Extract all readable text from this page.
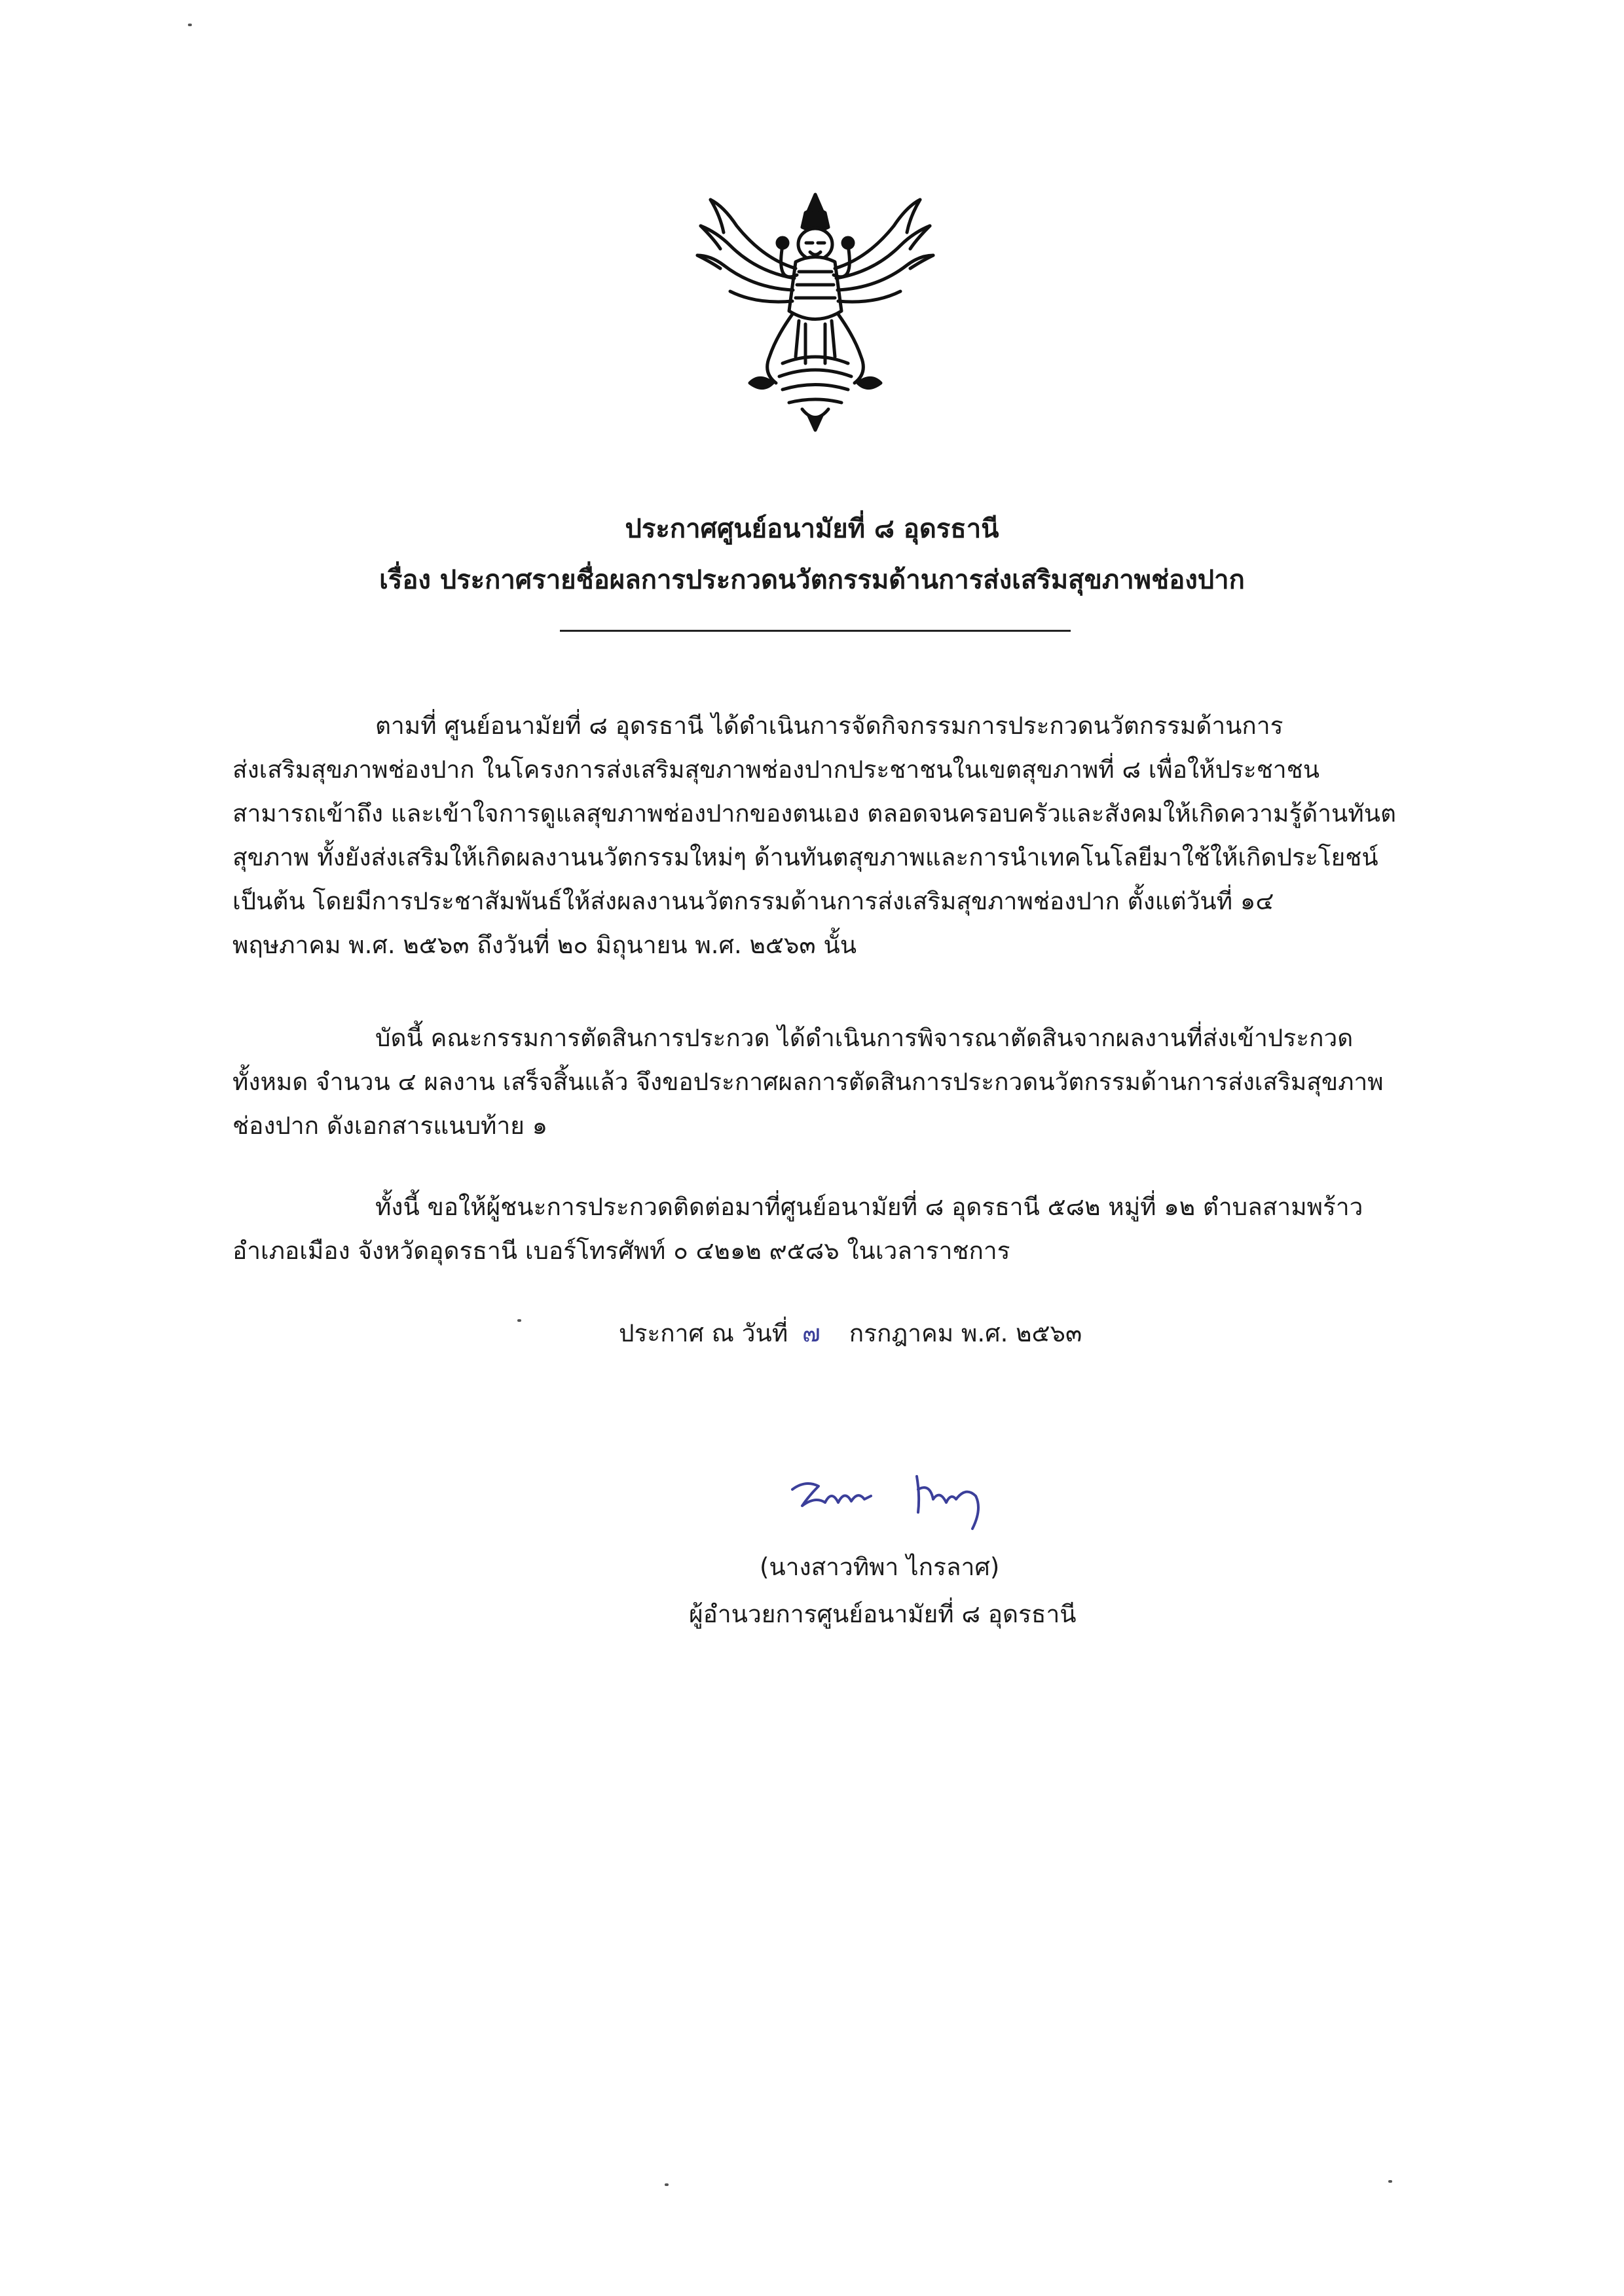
ประกาศศูนย์อนามัยที่ ๘ อุดรธานี
เรื่อง ประกาศรายชื่อผลการประกวดนวัตกรรมด้านการส่งเสริมสุขภาพช่องปาก
ตามที่ ศูนย์อนามัยที่ ๘ อุดรธานี ได้ดำเนินการจัดกิจกรรมการประกวดนวัตกรรมด้านการ
ส่งเสริมสุขภาพช่องปาก ในโครงการส่งเสริมสุขภาพช่องปากประชาชนในเขตสุขภาพที่ ๘ เพื่อให้ประชาชน
สามารถเข้าถึง และเข้าใจการดูแลสุขภาพช่องปากของตนเอง ตลอดจนครอบครัวและสังคมให้เกิดความรู้ด้านทันต
สุขภาพ ทั้งยังส่งเสริมให้เกิดผลงานนวัตกรรมใหม่ๆ ด้านทันตสุขภาพและการนำเทคโนโลยีมาใช้ให้เกิดประโยชน์
เป็นต้น โดยมีการประชาสัมพันธ์ให้ส่งผลงานนวัตกรรมด้านการส่งเสริมสุขภาพช่องปาก ตั้งแต่วันที่ ๑๔
พฤษภาคม พ.ศ. ๒๕๖๓ ถึงวันที่ ๒๐ มิถุนายน พ.ศ. ๒๕๖๓ นั้น
บัดนี้ คณะกรรมการตัดสินการประกวด ได้ดำเนินการพิจารณาตัดสินจากผลงานที่ส่งเข้าประกวด
ทั้งหมด จำนวน ๔ ผลงาน เสร็จสิ้นแล้ว จึงขอประกาศผลการตัดสินการประกวดนวัตกรรมด้านการส่งเสริมสุขภาพ
ช่องปาก ดังเอกสารแนบท้าย ๑
ทั้งนี้ ขอให้ผู้ชนะการประกวดติดต่อมาที่ศูนย์อนามัยที่ ๘ อุดรธานี ๕๘๒ หมู่ที่ ๑๒ ตำบลสามพร้าว
อำเภอเมือง จังหวัดอุดรธานี เบอร์โทรศัพท์ ๐ ๔๒๑๒ ๙๕๘๖ ในเวลาราชการ
ประกาศ ณ วันที่ ๗ กรกฎาคม พ.ศ. ๒๕๖๓
(นางสาวทิพา ไกรลาศ)
ผู้อำนวยการศูนย์อนามัยที่ ๘ อุดรธานี
